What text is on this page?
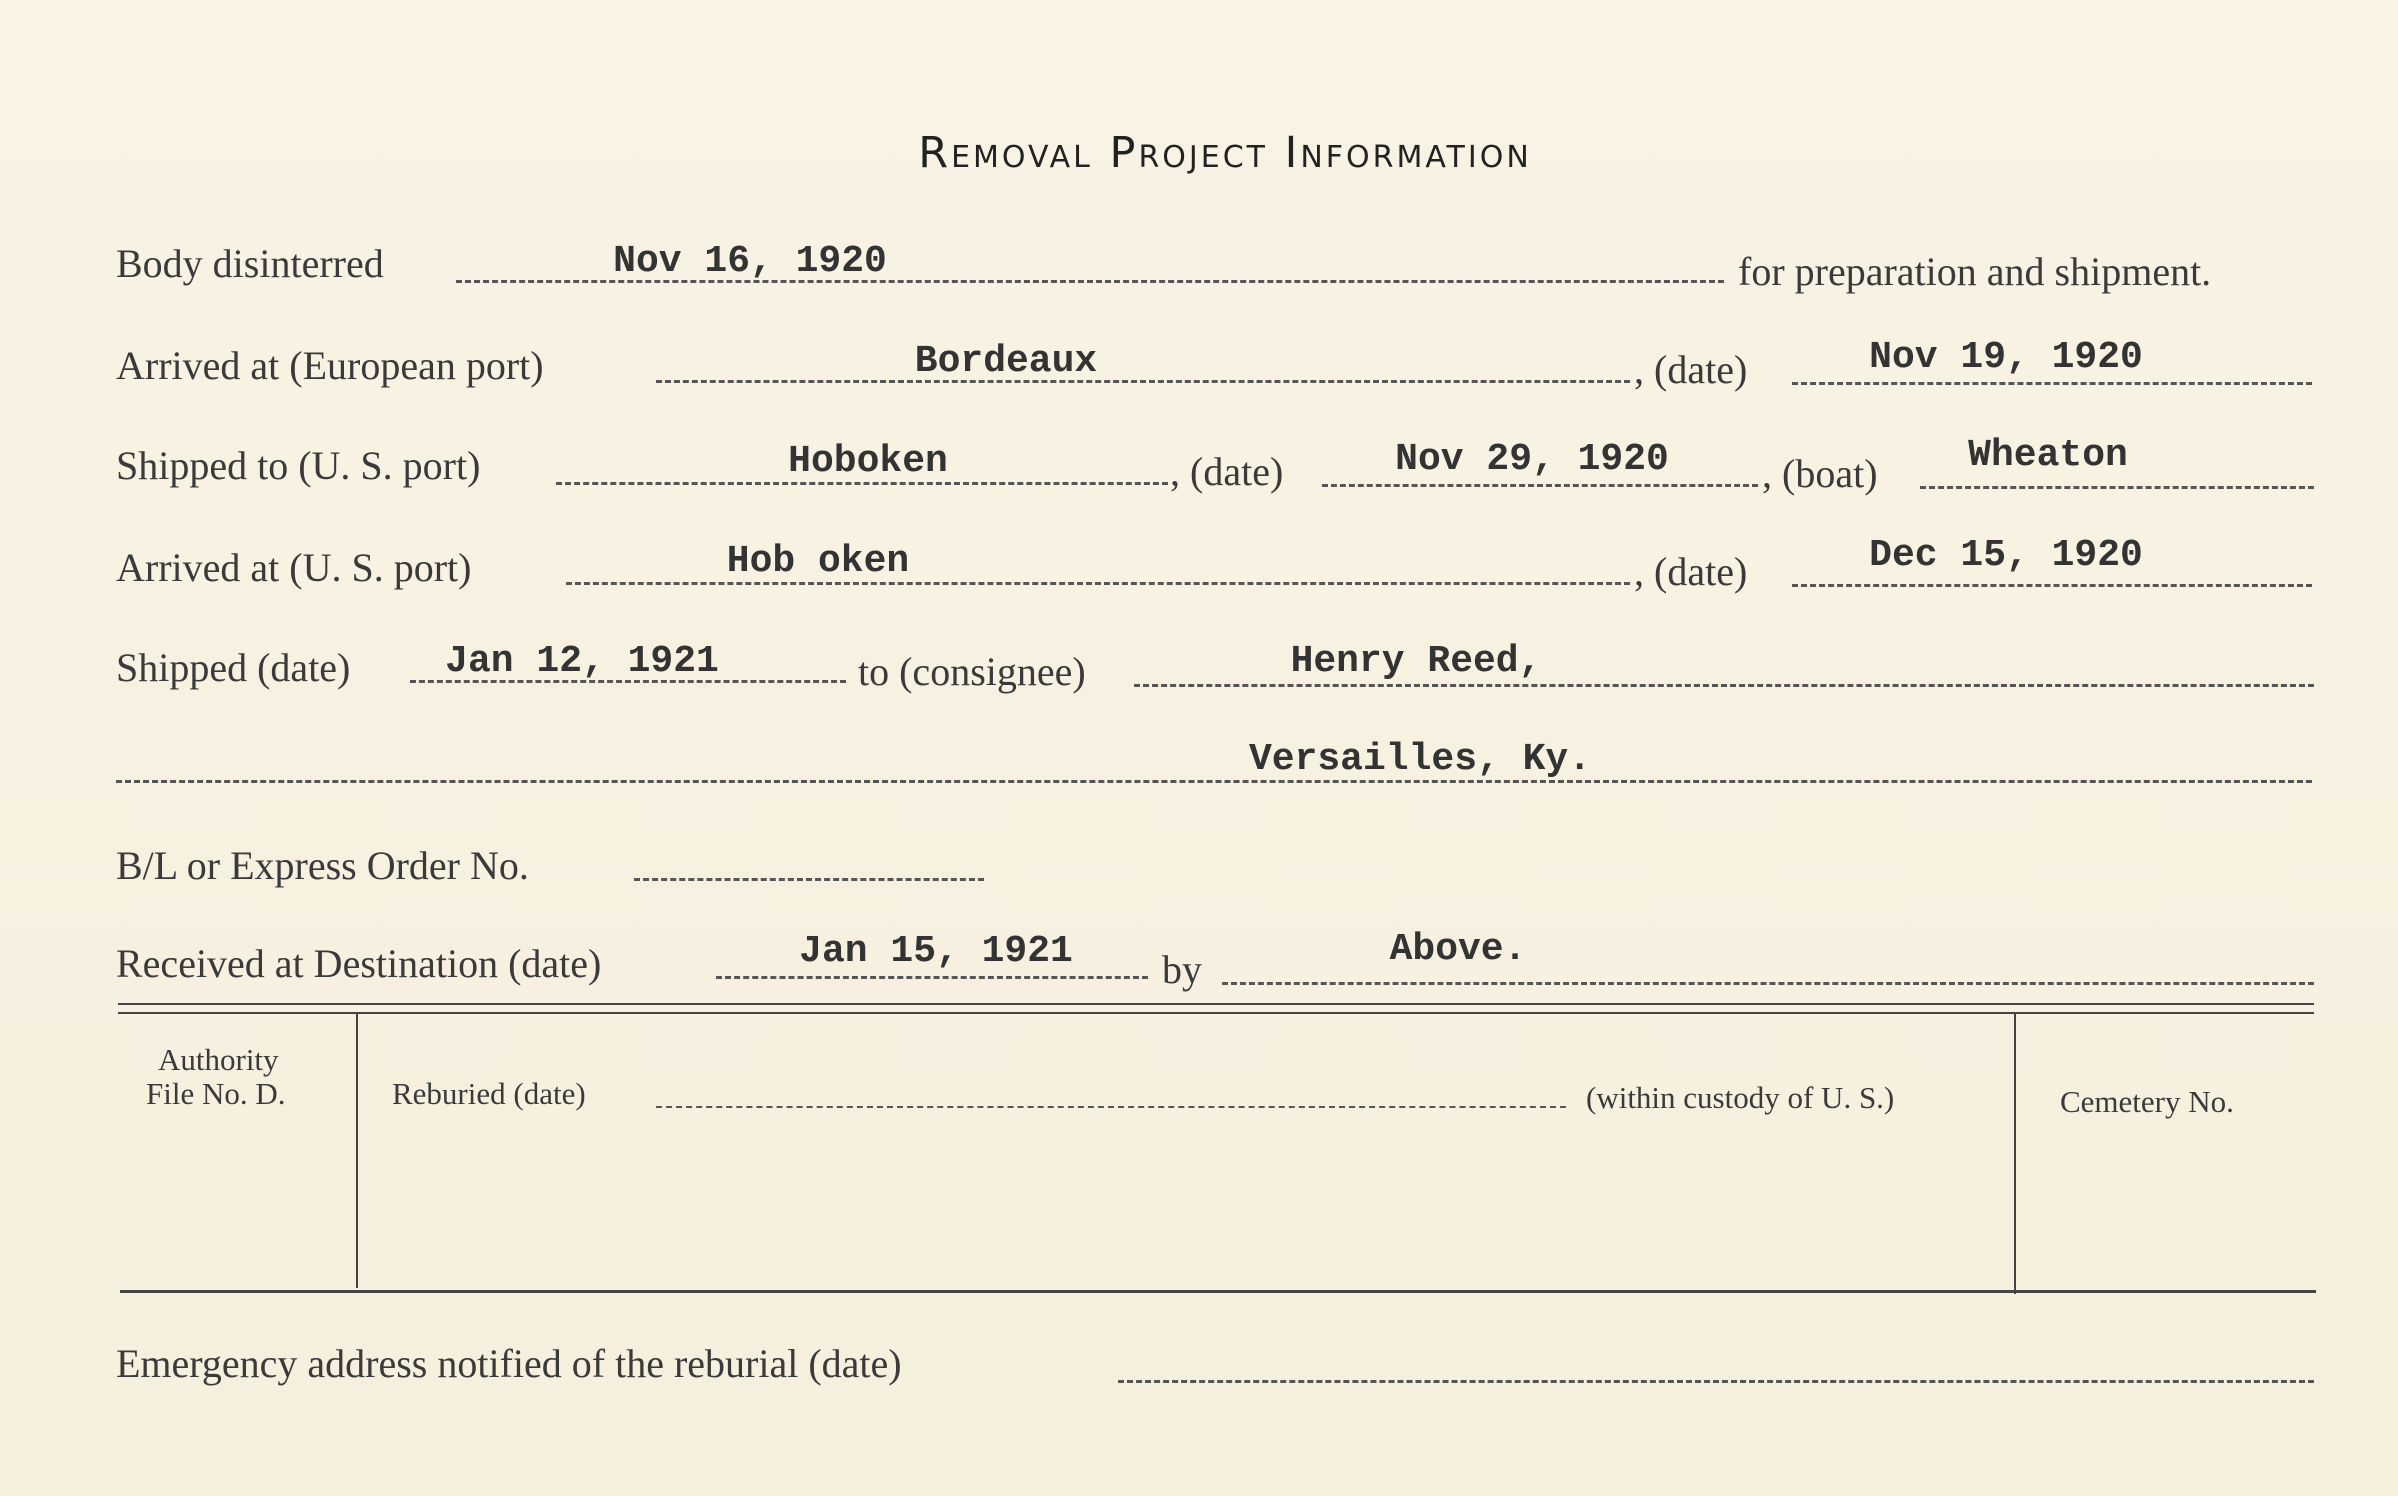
Removal Project Information
Body disinterred	Nov 16, 1920	for preparation and shipment.
Arrived at (European port)	Bordeaux	, (date)	Nov 19, 1920
Shipped to (U. S. port)	Hoboken	, (date)	Nov 29, 1920 , (boat) Wheaton
Arrived at (U. S. port)	Hob oken	, (date)	Dec 15, 1920
Shipped (date) Jan 12, 1921	to (consignee)	Henry Reed,
Versailles, Ky.
B/L or Express Order No.
Received at Destination (date)	Jan 15, 1921 by	Above.
Authority
File No. D.	Reburied (date)	(within custody of U. S.)	Cemetery No.
Emergency address notified of the reburial (date)
